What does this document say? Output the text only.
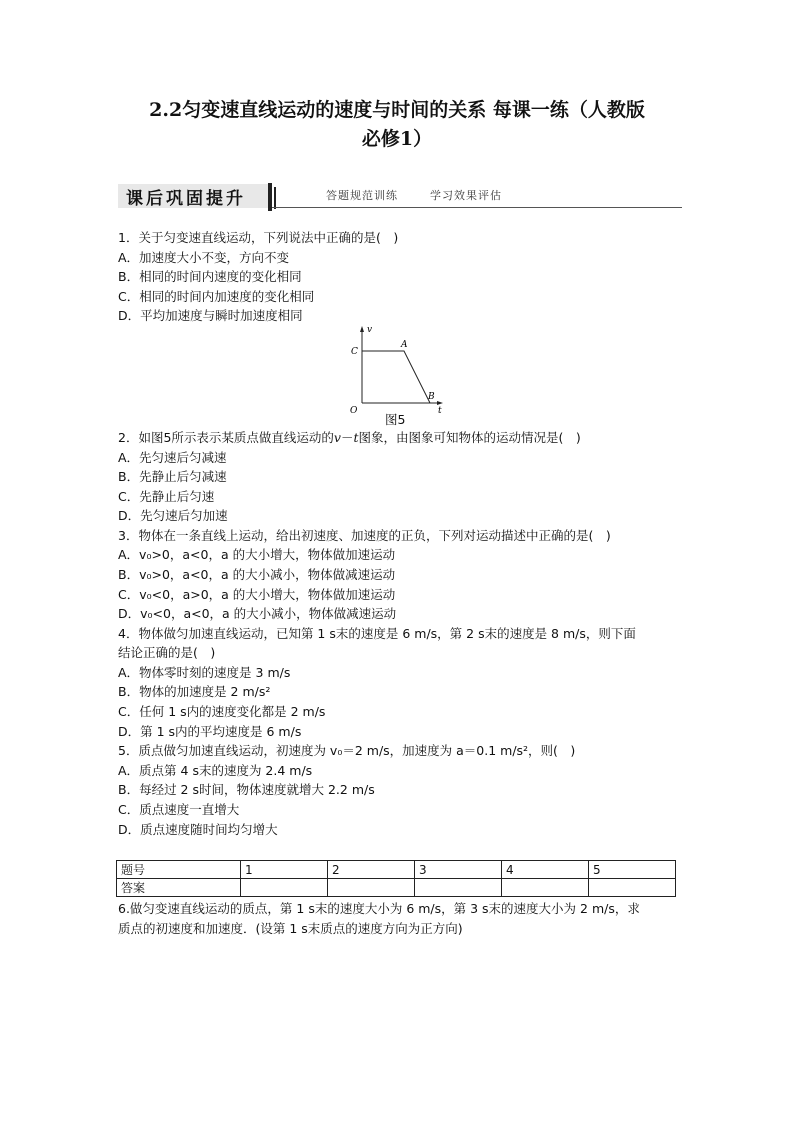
2.2匀变速直线运动的速度与时间的关系 每课一练（人教版
必修1）
课后巩固提升	答题规范训练	学习效果评估
1．关于匀变速直线运动，下列说法中正确的是(　)
A．加速度大小不变，方向不变
B．相同的时间内速度的变化相同
C．相同的时间内加速度的变化相同
D．平均加速度与瞬时加速度相同
v
t
O
C
A
B
图5
2．如图5所示表示某质点做直线运动的v－t图象，由图象可知物体的运动情况是(　)
A．先匀速后匀减速
B．先静止后匀减速
C．先静止后匀速
D．先匀速后匀加速
3．物体在一条直线上运动，给出初速度、加速度的正负，下列对运动描述中正确的是(　)
A．v₀>0，a<0，a 的大小增大，物体做加速运动
B．v₀>0，a<0，a 的大小减小，物体做减速运动
C．v₀<0，a>0，a 的大小增大，物体做加速运动
D．v₀<0，a<0，a 的大小减小，物体做减速运动
4．物体做匀加速直线运动，已知第 1 s末的速度是 6 m/s，第 2 s末的速度是 8 m/s，则下面
结论正确的是(　)
A．物体零时刻的速度是 3 m/s
B．物体的加速度是 2 m/s²
C．任何 1 s内的速度变化都是 2 m/s
D．第 1 s内的平均速度是 6 m/s
5．质点做匀加速直线运动，初速度为 v₀＝2 m/s，加速度为 a＝0.1 m/s²，则(　)
A．质点第 4 s末的速度为 2.4 m/s
B．每经过 2 s时间，物体速度就增大 2.2 m/s
C．质点速度一直增大
D．质点速度随时间均匀增大
题号	1	2	3	4	5
答案					
6.做匀变速直线运动的质点，第 1 s末的速度大小为 6 m/s，第 3 s末的速度大小为 2 m/s，求
质点的初速度和加速度．(设第 1 s末质点的速度方向为正方向)
